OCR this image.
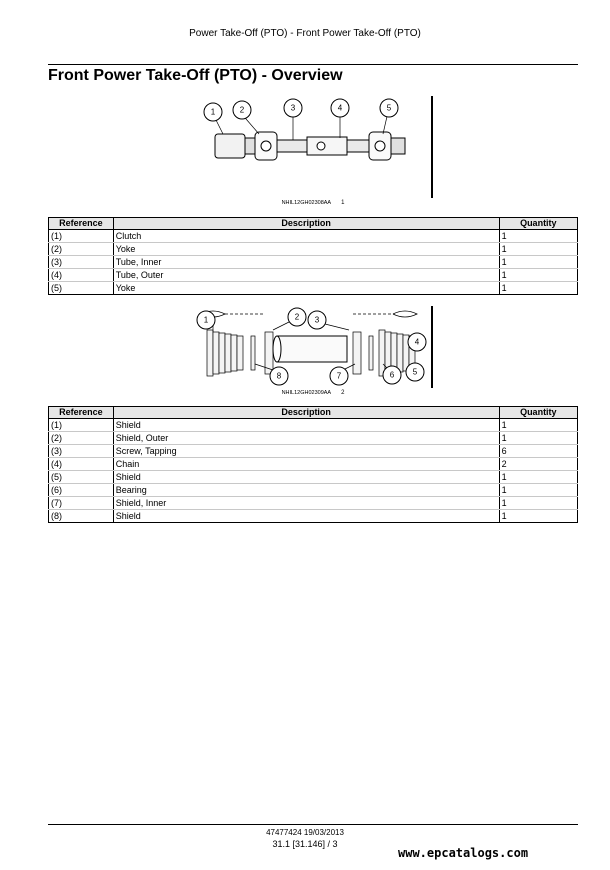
Power Take-Off (PTO) - Front Power Take-Off (PTO)
Front Power Take-Off (PTO) - Overview
1	2	3	4	5
NHIL12GH02308AA 1
Reference	Description	Quantity
(1)	Clutch	1
(2)	Yoke	1
(3)	Tube, Inner	1
(4)	Tube, Outer	1
(5)	Yoke	1
1	2 3
4
5
6
7
8
NHIL12GH02309AA 2
Reference	Description	Quantity
(1)	Shield	1
(2)	Shield, Outer	1
(3)	Screw, Tapping	6
(4)	Chain	2
(5)	Shield	1
(6)	Bearing	1
(7)	Shield, Inner	1
(8)	Shield	1
47477424 19/03/2013
31.1 [31.146] / 3
www.epcatalogs.com
